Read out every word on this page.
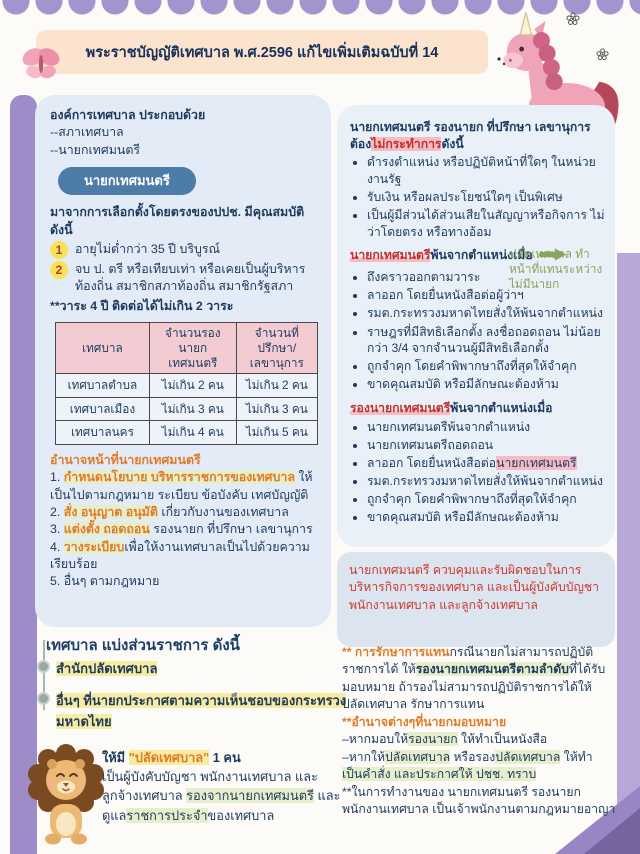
พระราชบัญญัติเทศบาล พ.ศ.2596 แก้ไขเพิ่มเติมฉบับที่ 14
องค์การเทศบาล ประกอบด้วย
--สภาเทศบาล
--นายกเทศมนตรี
นายกเทศมนตรี
มาจากการเลือกตั้งโดยตรงของปปช. มีคุณสมบัติดังนี้
1	อายุไม่ต่ำกว่า 35 ปี บริบูรณ์
2	จบ ป. ตรี หรือเทียบเท่า หรือเคยเป็นผู้บริหารท้องถิ่น สมาชิกสภาท้องถิ่น สมาชิกรัฐสภา
**วาระ 4 ปี ติดต่อได้ไม่เกิน 2 วาระ
เทศบาล	จำนวนรอง นายกเทศมนตรี	จำนวนที่ ปรึกษา/ เลขานุการ
เทศบาลตำบล	ไม่เกิน 2 คน	ไม่เกิน 2 คน
เทศบาลเมือง	ไม่เกิน 3 คน	ไม่เกิน 3 คน
เทศบาลนคร	ไม่เกิน 4 คน	ไม่เกิน 5 คน
อำนาจหน้าที่นายกเทศมนตรี
1. กำหนดนโยบาย บริหารราชการของเทศบาล ให้เป็นไปตามกฎหมาย ระเบียบ ข้อบังคับ เทศบัญญัติ
2. สั่ง อนุญาต อนุมัติ เกี่ยวกับงานของเทศบาล
3. แต่งตั้ง ถอดถอน รองนายก ที่ปรึกษา เลขานุการ
4. วางระเบียบเพื่อให้งานเทศบาลเป็นไปด้วยความเรียบร้อย
5. อื่นๆ ตามกฎหมาย
นายกเทศมนตรี รองนายก ที่ปรึกษา เลขานุการ
ต้องไม่กระทำการดังนี้
• ดำรงตำแหน่ง หรือปฏิบัติหน้าที่ใดๆ ในหน่วยงานรัฐ
• รับเงิน หรือผลประโยชน์ใดๆ เป็นพิเศษ
• เป็นผู้มีส่วนได้ส่วนเสียในสัญญาหรือกิจการ ไม่ว่าโดยตรง หรือทางอ้อม
นายกเทศมนตรีพ้นจากตำแหน่งเมื่อ
ปลัดเทศบาล ทำหน้าที่แทนระหว่างไม่มีนายก
• ถึงคราวออกตามวาระ
• ลาออก โดยยื่นหนังสือต่อผู้ว่าฯ
• รมต.กระทรวงมหาดไทยสั่งให้พ้นจากตำแหน่ง
• ราษฎรที่มีสิทธิเลือกตั้ง ลงชื่อถอดถอน ไม่น้อยกว่า 3/4 จากจำนวนผู้มีสิทธิเลือกตั้ง
• ถูกจำคุก โดยคำพิพากษาถึงที่สุดให้จำคุก
• ขาดคุณสมบัติ หรือมีลักษณะต้องห้าม
รองนายกเทศมนตรีพ้นจากตำแหน่งเมื่อ
• นายกเทศมนตรีพ้นจากตำแหน่ง
• นายกเทศมนตรีถอดถอน
• ลาออก โดยยื่นหนังสือต่อนายกเทศมนตรี
• รมต.กระทรวงมหาดไทยสั่งให้พ้นจากตำแหน่ง
• ถูกจำคุก โดยคำพิพากษาถึงที่สุดให้จำคุก
• ขาดคุณสมบัติ หรือมีลักษณะต้องห้าม
นายกเทศมนตรี ควบคุมและรับผิดชอบในการบริหารกิจการของเทศบาล และเป็นผู้บังคับบัญชา พนักงานเทศบาล และลูกจ้างเทศบาล
เทศบาล แบ่งส่วนราชการ ดังนี้
สำนักปลัดเทศบาล
อื่นๆ ที่นายกประกาศตามความเห็นชอบของกระทรวงมหาดไทย
ให้มี "ปลัดเทศบาล" 1 คน
เป็นผู้บังคับบัญชา พนักงานเทศบาล และลูกจ้างเทศบาล รองจากนายกเทศมนตรี และดูแลราชการประจำของเทศบาล
** การรักษาการแทนกรณีนายกไม่สามารถปฏิบัติราชการได้ ให้รองนายกเทศมนตรีตามลำดับที่ได้รับมอบหมาย ถ้ารองไม่สามารถปฏิบัติราชการได้ให้ ปลัดเทศบาล รักษาการแทน
**อำนาจต่างๆที่นายกมอบหมาย
–หากมอบให้รองนายก ให้ทำเป็นหนังสือ
–หากให้ปลัดเทศบาล หรือรองปลัดเทศบาล ให้ทำ เป็นคำสั่ง และประกาศให้ ปชช. ทราบ
**ในการทำงานของ นายกเทศมนตรี รองนายก พนักงานเทศบาล เป็นเจ้าพนักงานตามกฎหมายอาญา
